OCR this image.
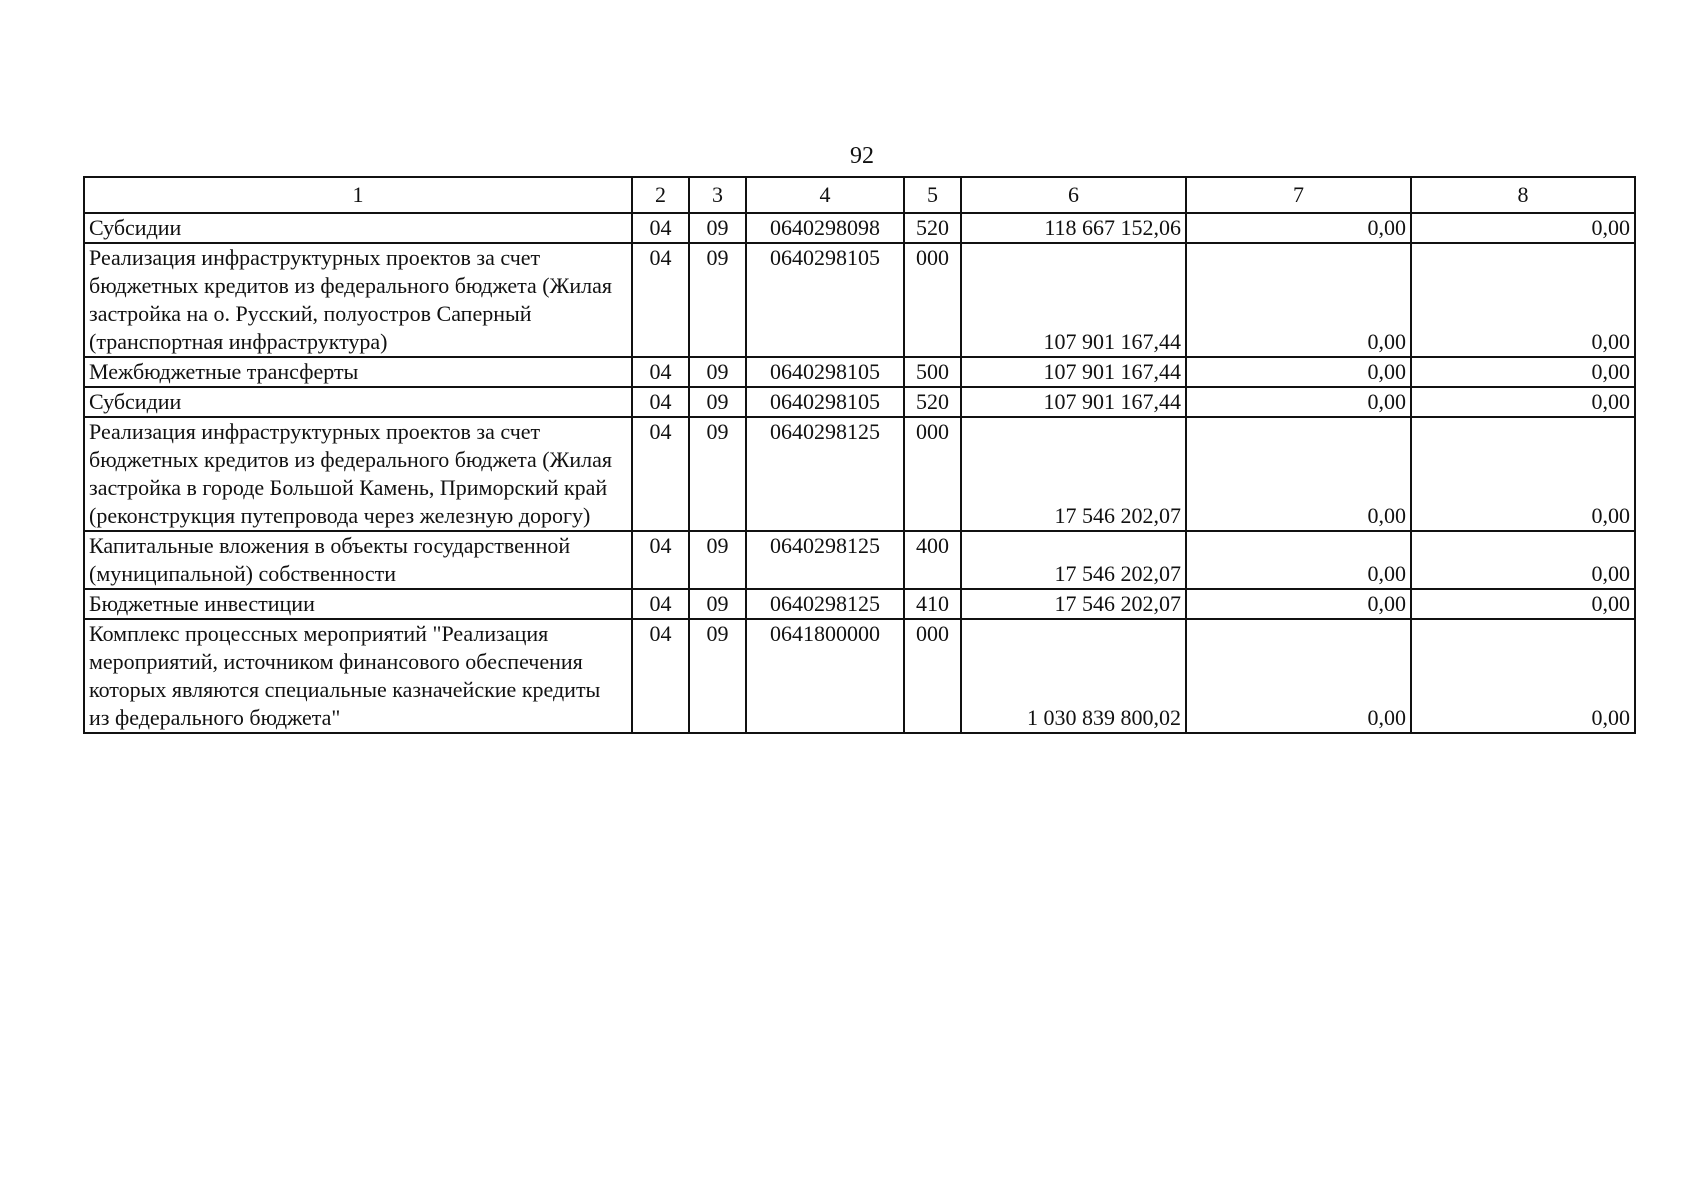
92
1	2	3	4	5	6	7	8
Субсидии	04	09	0640298098	520	118 667 152,06	0,00	0,00
Реализация инфраструктурных проектов за счет бюджетных кредитов из федерального бюджета (Жилая застройка на о. Русский, полуостров Саперный (транспортная инфраструктура)	04	09	0640298105	000	107 901 167,44	0,00	0,00
Межбюджетные трансферты	04	09	0640298105	500	107 901 167,44	0,00	0,00
Субсидии	04	09	0640298105	520	107 901 167,44	0,00	0,00
Реализация инфраструктурных проектов за счет бюджетных кредитов из федерального бюджета (Жилая застройка в городе Большой Камень, Приморский край (реконструкция путепровода через железную дорогу)	04	09	0640298125	000	17 546 202,07	0,00	0,00
Капитальные вложения в объекты государственной (муниципальной) собственности	04	09	0640298125	400	17 546 202,07	0,00	0,00
Бюджетные инвестиции	04	09	0640298125	410	17 546 202,07	0,00	0,00
Комплекс процессных мероприятий "Реализация мероприятий, источником финансового обеспечения которых являются специальные казначейские кредиты из федерального бюджета"	04	09	0641800000	000	1 030 839 800,02	0,00	0,00
